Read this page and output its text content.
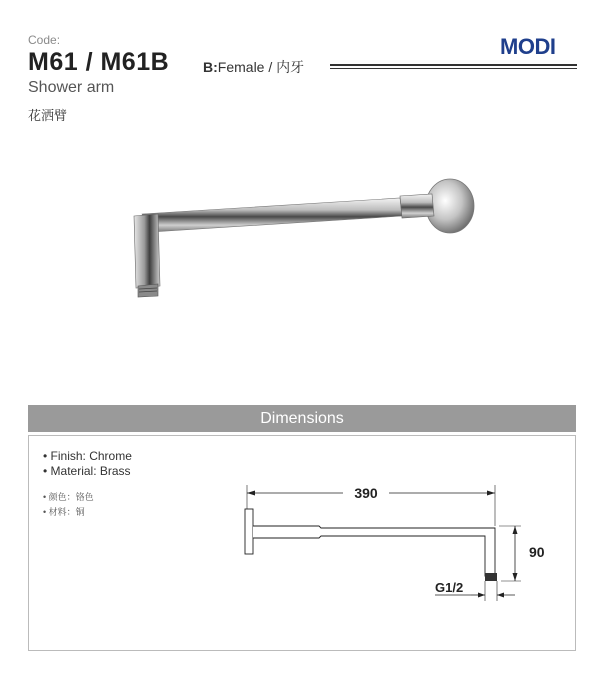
Code:
M61 / M61B B:Female / 内牙
MODI
Shower arm
花洒臂
Dimensions
• Finish: Chrome
• Material: Brass
• 颜色：铬色
• 材料：铜
390
90
G1/2
